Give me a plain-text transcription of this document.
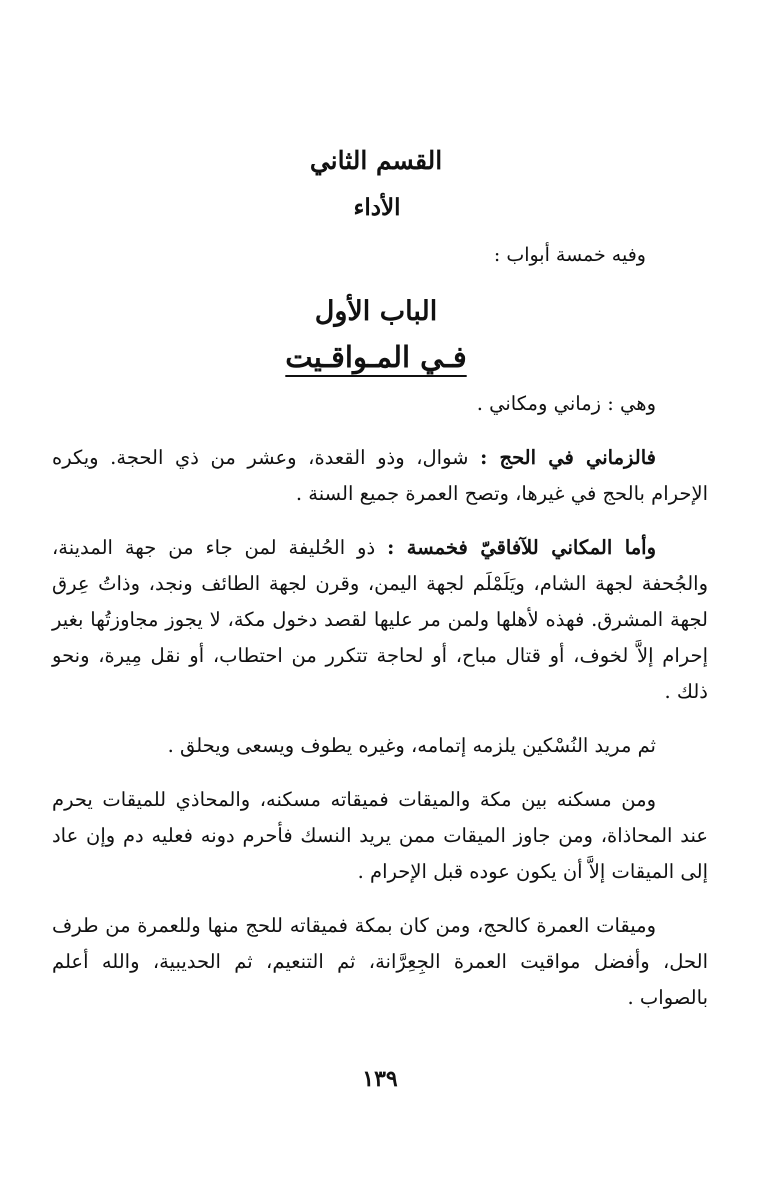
القسم الثاني
الأداء

وفيه خمسة أبواب :

الباب الأول
فـي المـواقـيت

وهي : زماني ومكاني .

فالزماني في الحج : شوال، وذو القعدة، وعشر من ذي الحجة. ويكره الإحرام بالحج في غيرها، وتصح العمرة جميع السنة .

وأما المكاني للآفاقيّ فخمسة : ذو الحُليفة لمن جاء من جهة المدينة، والجُحفة لجهة الشام، ويَلَمْلَم لجهة اليمن، وقرن لجهة الطائف ونجد، وذاتُ عِرق لجهة المشرق. فهذه لأهلها ولمن مر عليها لقصد دخول مكة، لا يجوز مجاوزتُها بغير إحرام إلاَّ لخوف، أو قتال مباح، أو لحاجة تتكرر من احتطاب، أو نقل مِيرة، ونحو ذلك .

ثم مريد النُسْكين يلزمه إتمامه، وغيره يطوف ويسعى ويحلق .

ومن مسكنه بين مكة والميقات فميقاته مسكنه، والمحاذي للميقات يحرم عند المحاذاة، ومن جاوز الميقات ممن يريد النسك فأحرم دونه فعليه دم وإن عاد إلى الميقات إلاَّ أن يكون عوده قبل الإحرام .

وميقات العمرة كالحج، ومن كان بمكة فميقاته للحج منها وللعمرة من طرف الحل، وأفضل مواقيت العمرة الجِعِرَّانة، ثم التنعيم، ثم الحديبية، والله أعلم بالصواب .

١٣٩
